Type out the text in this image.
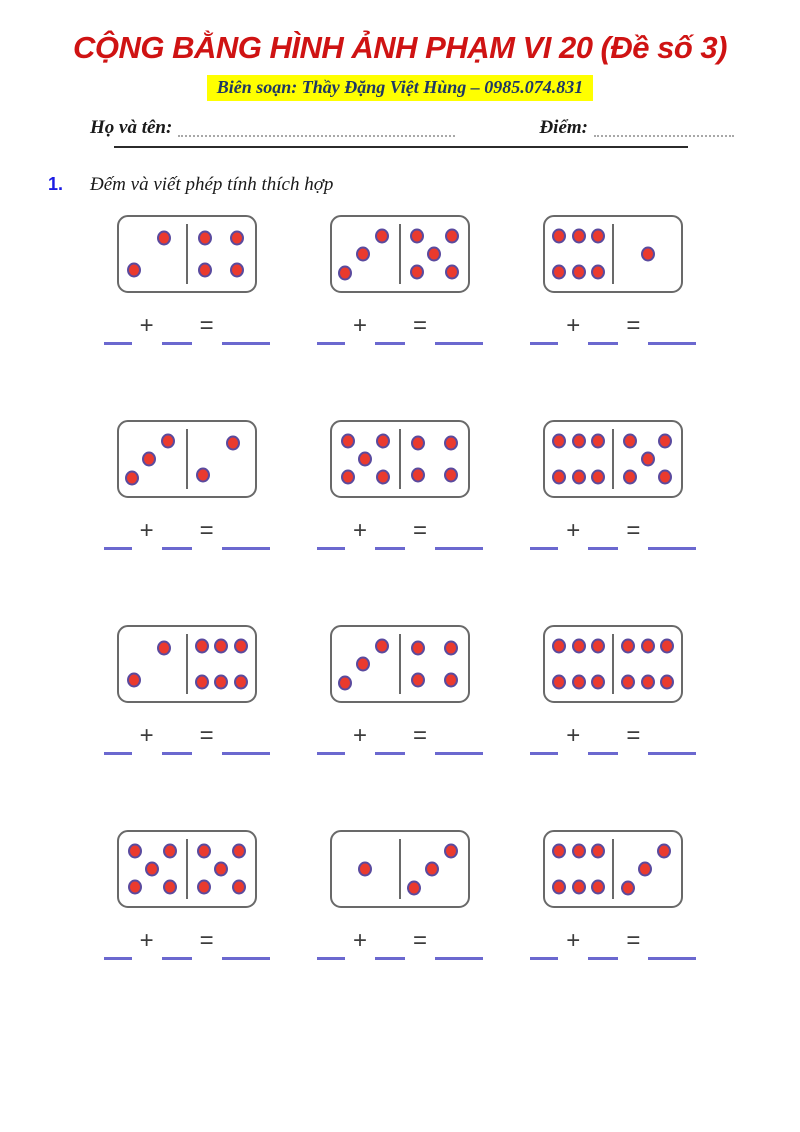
CỘNG BẰNG HÌNH ẢNH PHẠM VI 20 (Đề số 3)
Biên soạn: Thầy Đặng Việt Hùng – 0985.074.831
Họ và tên:	Điểm:
1. Đếm và viết phép tính thích hợp
+	=	+	=	+	=
+	=	+	=	+	=
+	=	+	=	+	=
+	=	+	=	+	=
